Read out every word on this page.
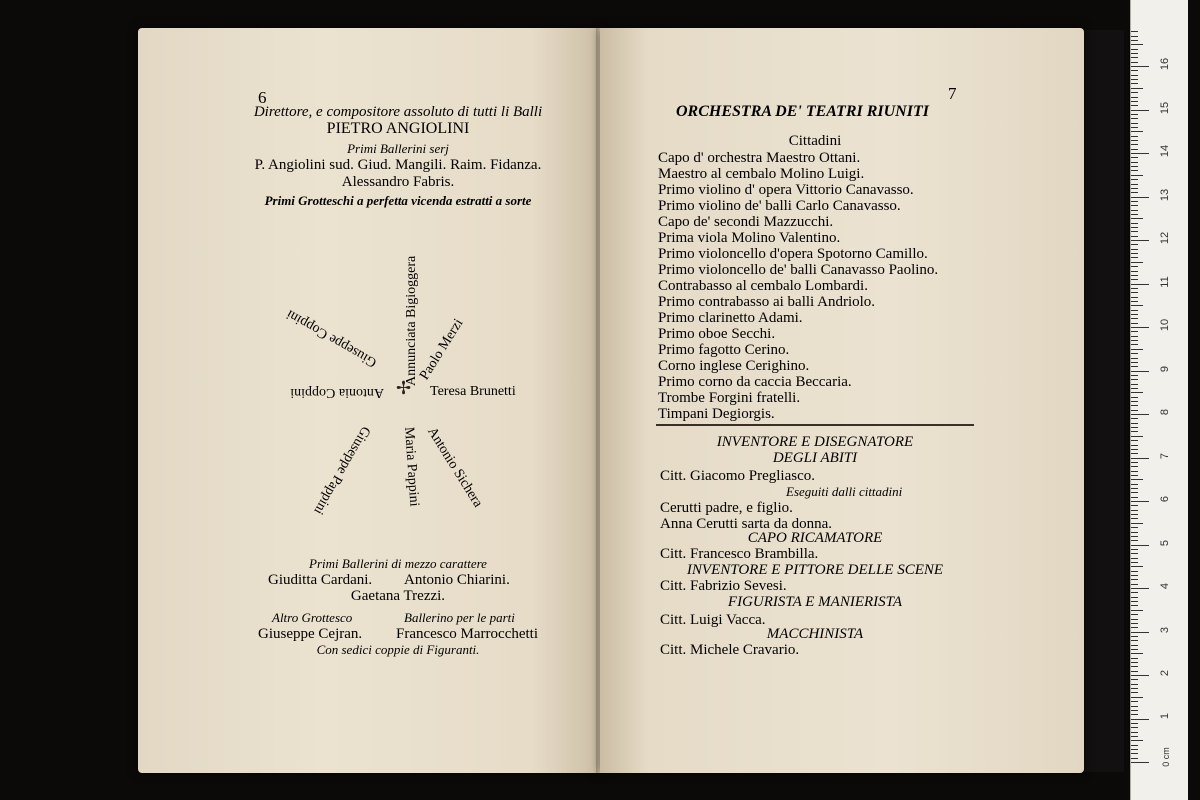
6
Direttore, e compositore assoluto di tutti li Balli
PIETRO ANGIOLINI
Primi Ballerini serj
P. Angiolini sud. Giud. Mangili. Raim. Fidanza.
Alessandro Fabris.
Primi Grotteschi a perfetta vicenda estratti a sorte
✢
Annunciata Bigioggera
Paolo Merzi
Teresa Brunetti
Antonio Sichera
Maria Pappini
Giuseppe Pappini
Antonia Coppini
Giuseppe Coppini
Primi Ballerini di mezzo carattere
Giuditta Cardani. Antonio Chiarini.
Gaetana Trezzi.
Altro Grottesco	Ballerino per le parti
Giuseppe Cejran. Francesco Marrocchetti
Con sedici coppie di Figuranti.
7
ORCHESTRA DE' TEATRI RIUNITI
Cittadini
Capo d' orchestra Maestro Ottani.
Maestro al cembalo Molino Luigi.
Primo violino d' opera Vittorio Canavasso.
Primo violino de' balli Carlo Canavasso.
Capo de' secondi Mazzucchi.
Prima viola Molino Valentino.
Primo violoncello d'opera Spotorno Camillo.
Primo violoncello de' balli Canavasso Paolino.
Contrabasso al cembalo Lombardi.
Primo contrabasso ai balli Andriolo.
Primo clarinetto Adami.
Primo oboe Secchi.
Primo fagotto Cerino.
Corno inglese Cerighino.
Primo corno da caccia Beccaria.
Trombe Forgini fratelli.
Timpani Degiorgis.
INVENTORE E DISEGNATORE
DEGLI ABITI
Citt. Giacomo Pregliasco.
Eseguiti dalli cittadini
Cerutti padre, e figlio.
Anna Cerutti sarta da donna.
CAPO RICAMATORE
Citt. Francesco Brambilla.
INVENTORE E PITTORE DELLE SCENE
Citt. Fabrizio Sevesi.
FIGURISTA E MANIERISTA
Citt. Luigi Vacca.
MACCHINISTA
Citt. Michele Cravario.
0 cm
1
2
3
4
5
6
7
8
9
10
11
12
13
14
15
16
